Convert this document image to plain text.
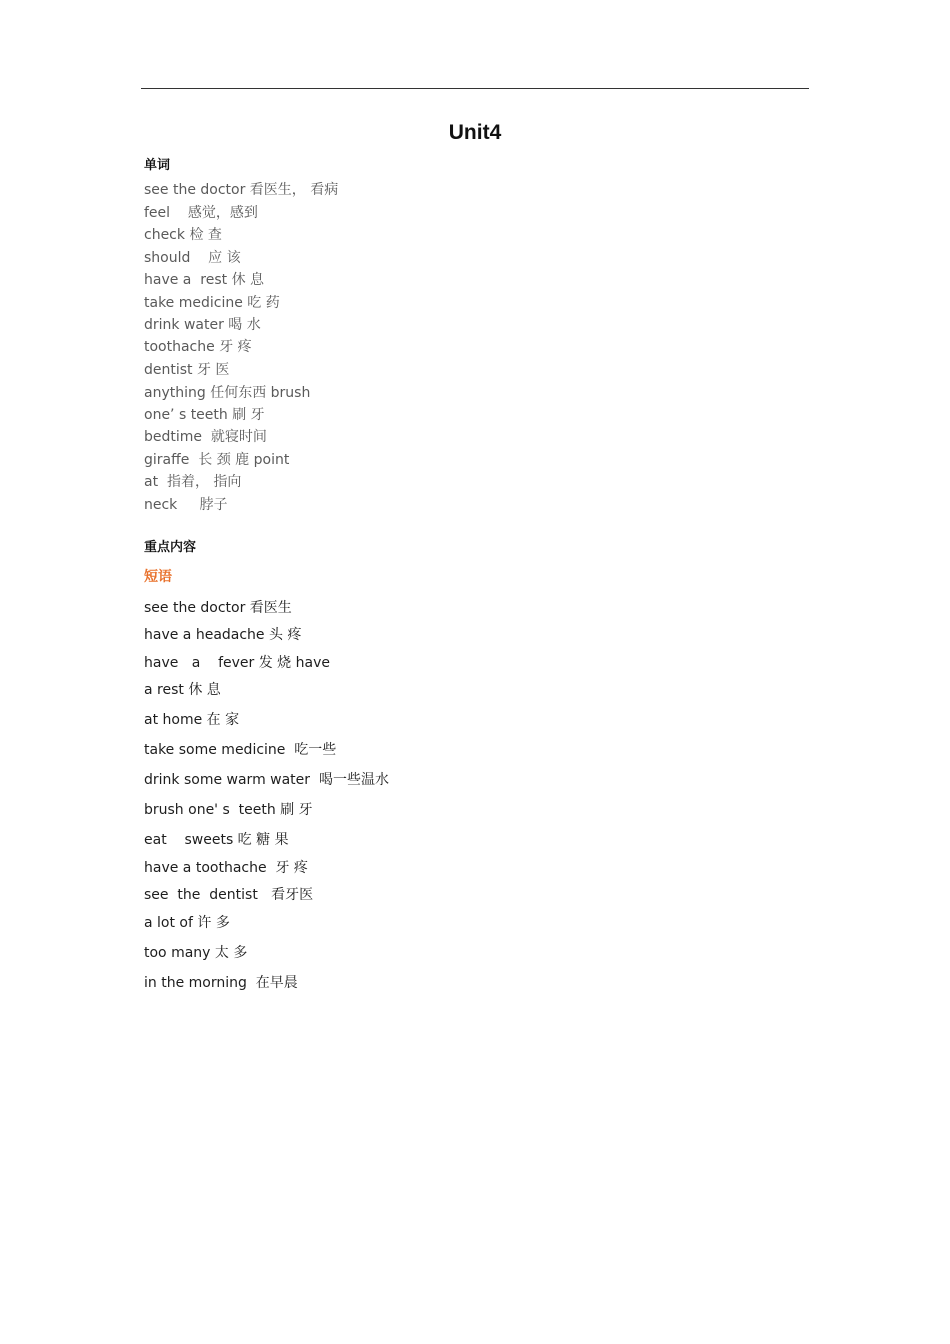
Unit4
单词
see the doctor 看医生， 看病
feel    感觉，感到
check 检 查
should    应 该
have a  rest 休 息
take medicine 吃 药
drink water 喝 水
toothache 牙 疼
dentist 牙 医
anything 任何东西 brush
one’ s teeth 刷 牙
bedtime  就寝时间
giraffe  长 颈 鹿 point
at  指着， 指向
neck     脖子
重点内容
短语
see the doctor 看医生
have a headache 头 疼
have   a    fever 发 烧 have
a rest 休 息
at home 在 家
take some medicine  吃一些
drink some warm water  喝一些温水
brush one' s  teeth 刷 牙
eat    sweets 吃 糖 果
have a toothache  牙 疼
see  the  dentist   看牙医
a lot of 许 多
too many 太 多
in the morning  在早晨
